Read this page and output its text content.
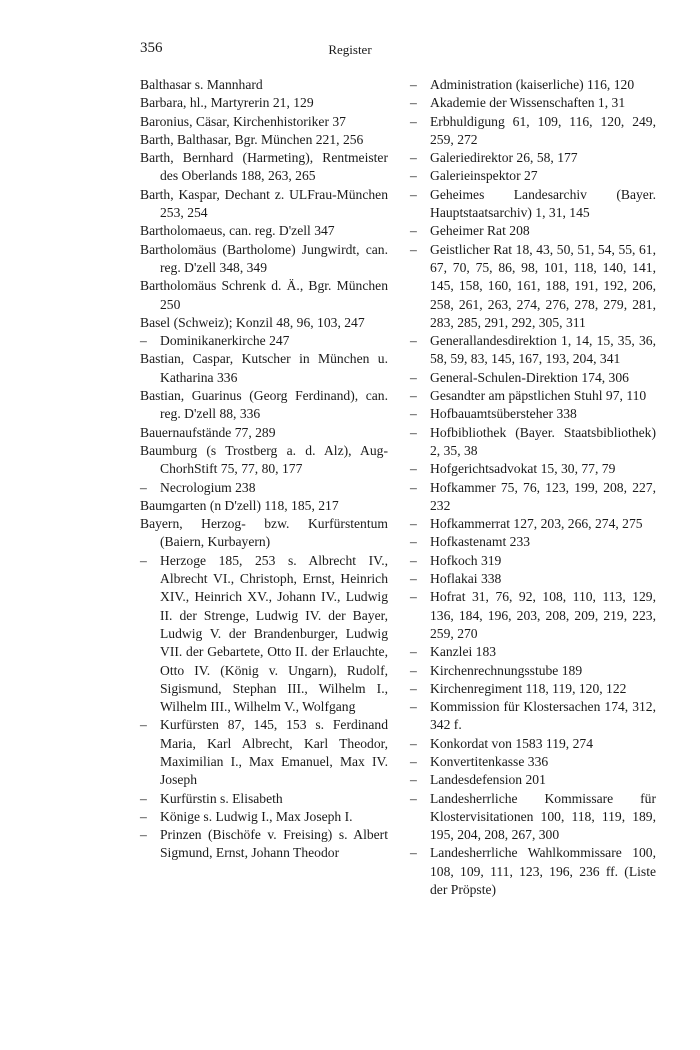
356	Register

Balthasar s. Mannhard

Barbara, hl., Martyrerin 21, 129

Baronius, Cäsar, Kirchenhistoriker 37

Barth, Balthasar, Bgr. München 221, 256

Barth, Bernhard (Harmeting), Rentmeister des Oberlands 188, 263, 265

Barth, Kaspar, Dechant z. ULFrau-München 253, 254

Bartholomaeus, can. reg. D'zell 347

Bartholomäus (Bartholome) Jungwirdt, can. reg. D'zell 348, 349

Bartholomäus Schrenk d. Ä., Bgr. München 250

Basel (Schweiz); Konzil 48, 96, 103, 247

– Dominikanerkirche 247

Bastian, Caspar, Kutscher in München u. Katharina 336

Bastian, Guarinus (Georg Ferdinand), can. reg. D'zell 88, 336

Bauernaufstände 77, 289

Baumburg (s Trostberg a. d. Alz), Aug-ChorhStift 75, 77, 80, 177

– Necrologium 238

Baumgarten (n D'zell) 118, 185, 217

Bayern, Herzog- bzw. Kurfürstentum (Baiern, Kurbayern)

– Herzoge 185, 253 s. Albrecht IV., Albrecht VI., Christoph, Ernst, Heinrich XIV., Heinrich XV., Johann IV., Ludwig II. der Strenge, Ludwig IV. der Bayer, Ludwig V. der Brandenburger, Ludwig VII. der Gebartete, Otto II. der Erlauchte, Otto IV. (König v. Ungarn), Rudolf, Sigismund, Stephan III., Wilhelm I., Wilhelm III., Wilhelm V., Wolfgang

– Kurfürsten 87, 145, 153 s. Ferdinand Maria, Karl Albrecht, Karl Theodor, Maximilian I., Max Emanuel, Max IV. Joseph

– Kurfürstin s. Elisabeth

– Könige s. Ludwig I., Max Joseph I.

– Prinzen (Bischöfe v. Freising) s. Albert Sigmund, Ernst, Johann Theodor

– Administration (kaiserliche) 116, 120

– Akademie der Wissenschaften 1, 31

– Erbhuldigung 61, 109, 116, 120, 249, 259, 272

– Galeriedirektor 26, 58, 177

– Galerieinspektor 27

– Geheimes Landesarchiv (Bayer. Hauptstaatsarchiv) 1, 31, 145

– Geheimer Rat 208

– Geistlicher Rat 18, 43, 50, 51, 54, 55, 61, 67, 70, 75, 86, 98, 101, 118, 140, 141, 145, 158, 160, 161, 188, 191, 192, 206, 258, 261, 263, 274, 276, 278, 279, 281, 283, 285, 291, 292, 305, 311

– Generallandesdirektion 1, 14, 15, 35, 36, 58, 59, 83, 145, 167, 193, 204, 341

– General-Schulen-Direktion 174, 306

– Gesandter am päpstlichen Stuhl 97, 110

– Hofbauamtsübersteher 338

– Hofbibliothek (Bayer. Staatsbibliothek) 2, 35, 38

– Hofgerichtsadvokat 15, 30, 77, 79

– Hofkammer 75, 76, 123, 199, 208, 227, 232

– Hofkammerrat 127, 203, 266, 274, 275

– Hofkastenamt 233

– Hofkoch 319

– Hoflakai 338

– Hofrat 31, 76, 92, 108, 110, 113, 129, 136, 184, 196, 203, 208, 209, 219, 223, 259, 270

– Kanzlei 183

– Kirchenrechnungsstube 189

– Kirchenregiment 118, 119, 120, 122

– Kommission für Klostersachen 174, 312, 342 f.

– Konkordat von 1583 119, 274

– Konvertitenkasse 336

– Landesdefension 201

– Landesherrliche Kommissare für Klostervisitationen 100, 118, 119, 189, 195, 204, 208, 267, 300

– Landesherrliche Wahlkommissare 100, 108, 109, 111, 123, 196, 236 ff. (Liste der Pröpste)
